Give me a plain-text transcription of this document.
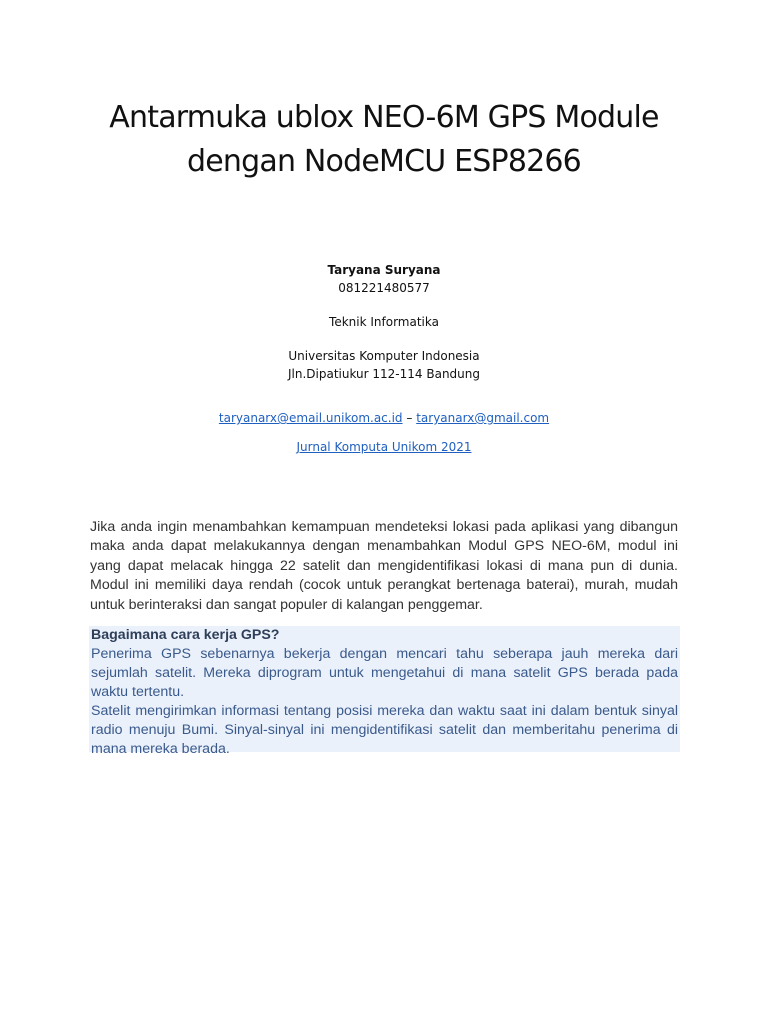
Antarmuka ublox NEO-6M GPS Module
dengan NodeMCU ESP8266
Taryana Suryana
081221480577
Teknik Informatika
Universitas Komputer Indonesia
Jln.Dipatiukur 112-114 Bandung
taryanarx@email.unikom.ac.id – taryanarx@gmail.com
Jurnal Komputa Unikom 2021

Jika anda ingin menambahkan kemampuan mendeteksi lokasi pada aplikasi yang dibangun maka anda dapat melakukannya dengan menambahkan Modul GPS NEO-6M, modul ini yang dapat melacak hingga 22 satelit dan mengidentifikasi lokasi di mana pun di dunia. Modul ini memiliki daya rendah (cocok untuk perangkat bertenaga baterai), murah, mudah untuk berinteraksi dan sangat populer di kalangan penggemar.

Bagaimana cara kerja GPS?

Penerima GPS sebenarnya bekerja dengan mencari tahu seberapa jauh mereka dari sejumlah satelit. Mereka diprogram untuk mengetahui di mana satelit GPS berada pada waktu tertentu.

Satelit mengirimkan informasi tentang posisi mereka dan waktu saat ini dalam bentuk sinyal radio menuju Bumi. Sinyal-sinyal ini mengidentifikasi satelit dan memberitahu penerima di mana mereka berada.
